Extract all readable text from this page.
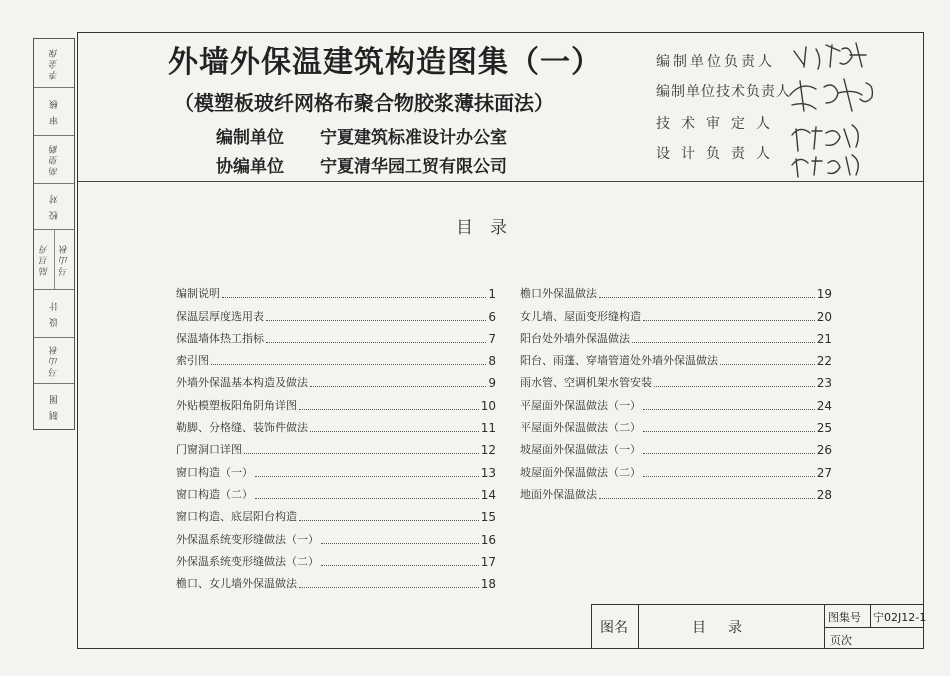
李金保
审 核
胡望鹤
校 对
陆旦舟 马山秋
设 计
马山秋
制 图
外墙外保温建筑构造图集（一）
（模塑板玻纤网格布聚合物胶浆薄抹面法）
编制单位 宁夏建筑标准设计办公室
协编单位 宁夏清华园工贸有限公司
编制单位负责人
编制单位技术负责人
技术审定人
设计负责人
目　录
编制说明	1
保温层厚度选用表	6
保温墙体热工指标	7
索引图	8
外墙外保温基本构造及做法	9
外贴模塑板阳角阴角详图	10
勒脚、分格缝、装饰件做法	11
门窗洞口详图	12
窗口构造（一）	13
窗口构造（二）	14
窗口构造、底层阳台构造	15
外保温系统变形缝做法（一）	16
外保温系统变形缝做法（二）	17
檐口、女儿墙外保温做法	18
檐口外保温做法	19
女儿墙、屋面变形缝构造	20
阳台处外墙外保温做法	21
阳台、雨蓬、穿墙管道处外墙外保温做法	22
雨水管、空调机架水管安装	23
平屋面外保温做法（一）	24
平屋面外保温做法（二）	25
坡屋面外保温做法（一）	26
坡屋面外保温做法（二）	27
地面外保温做法	28
图名	目　录
图集号 宁02J12-1
页次
